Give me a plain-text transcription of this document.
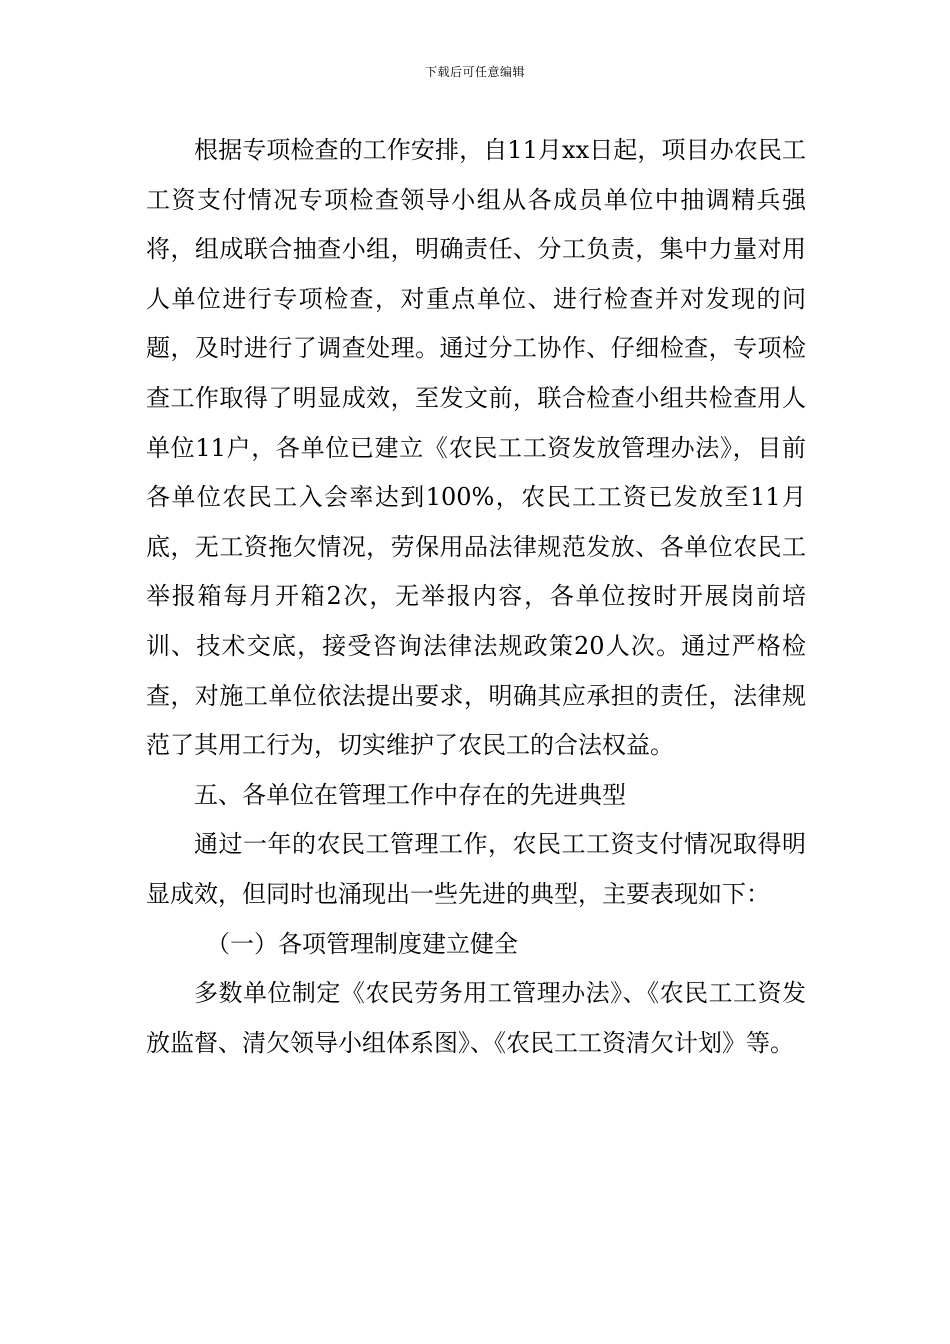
下载后可任意编辑

根据专项检查的工作安排，自11月xx日起，项目办农民工工资支付情况专项检查领导小组从各成员单位中抽调精兵强将，组成联合抽查小组，明确责任、分工负责，集中力量对用人单位进行专项检查，对重点单位、进行检查并对发现的问题，及时进行了调查处理。通过分工协作、仔细检查，专项检查工作取得了明显成效，至发文前，联合检查小组共检查用人单位11户，各单位已建立《农民工工资发放管理办法》，目前各单位农民工入会率达到100%，农民工工资已发放至11月底，无工资拖欠情况，劳保用品法律规范发放、各单位农民工举报箱每月开箱2次，无举报内容，各单位按时开展岗前培训、技术交底，接受咨询法律法规政策20人次。通过严格检查，对施工单位依法提出要求，明确其应承担的责任，法律规范了其用工行为，切实维护了农民工的合法权益。

五、各单位在管理工作中存在的先进典型

通过一年的农民工管理工作，农民工工资支付情况取得明显成效，但同时也涌现出一些先进的典型，主要表现如下：

（一）各项管理制度建立健全

多数单位制定《农民劳务用工管理办法》、《农民工工资发放监督、清欠领导小组体系图》、《农民工工资清欠计划》等。
